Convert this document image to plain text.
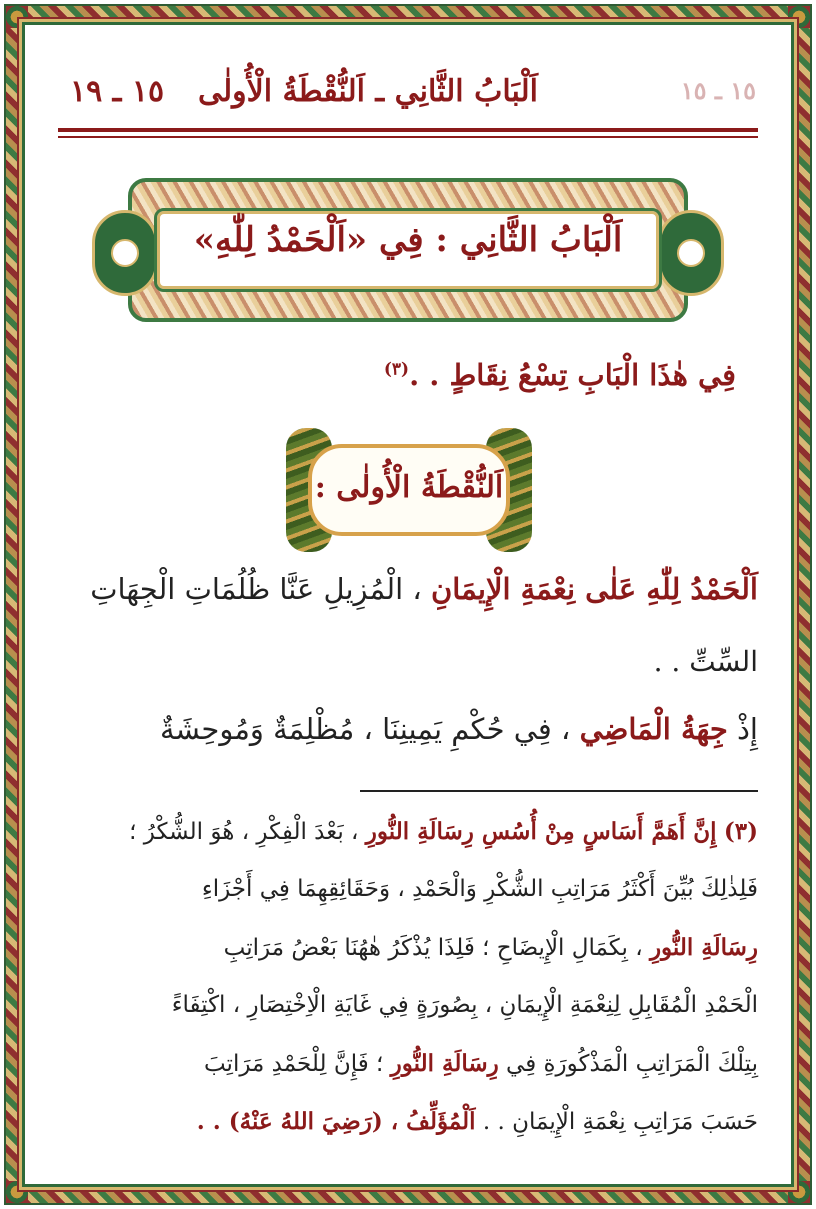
١٥ ـ ١٥
اَلْبَابُ الثَّانِي ـ اَلنُّقْطَةُ الْأُولٰى
١٥ ـ ١٩
اَلْبَابُ الثَّانِي : فِي «اَلْحَمْدُ لِلّٰهِ»
فِي هٰذَا الْبَابِ تِسْعُ نِقَاطٍ . .$^{(٣)}$
اَلنُّقْطَةُ الْأُولٰى :
اَلْحَمْدُ لِلّٰهِ عَلٰى نِعْمَةِ الْإِيمَانِ ، الْمُزِيلِ عَنَّا ظُلُمَاتِ الْجِهَاتِ
السِّتِّ . .
إِذْ جِهَةُ الْمَاضِي ، فِي حُكْمِ يَمِينِنَا ، مُظْلِمَةٌ وَمُوحِشَةٌ
(٣) إِنَّ أَهَمَّ أَسَاسٍ مِنْ أُسُسِ رِسَالَةِ النُّورِ ، بَعْدَ الْفِكْرِ ، هُوَ الشُّكْرُ ؛
فَلِذٰلِكَ بُيِّنَ أَكْثَرُ مَرَاتِبِ الشُّكْرِ وَالْحَمْدِ ، وَحَقَائِقِهِمَا فِي أَجْزَاءِ
رِسَالَةِ النُّورِ ، بِكَمَالِ الْإِيضَاحِ ؛ فَلِذَا يُذْكَرُ هٰهُنَا بَعْضُ مَرَاتِبِ
الْحَمْدِ الْمُقَابِلِ لِنِعْمَةِ الْإِيمَانِ ، بِصُورَةٍ فِي غَايَةِ الْاِخْتِصَارِ ، اكْتِفَاءً
بِتِلْكَ الْمَرَاتِبِ الْمَذْكُورَةِ فِي رِسَالَةِ النُّورِ ؛ فَإِنَّ لِلْحَمْدِ مَرَاتِبَ
حَسَبَ مَرَاتِبِ نِعْمَةِ الْإِيمَانِ . . اَلْمُؤَلِّفُ ، (رَضِيَ اللهُ عَنْهُ) . .
